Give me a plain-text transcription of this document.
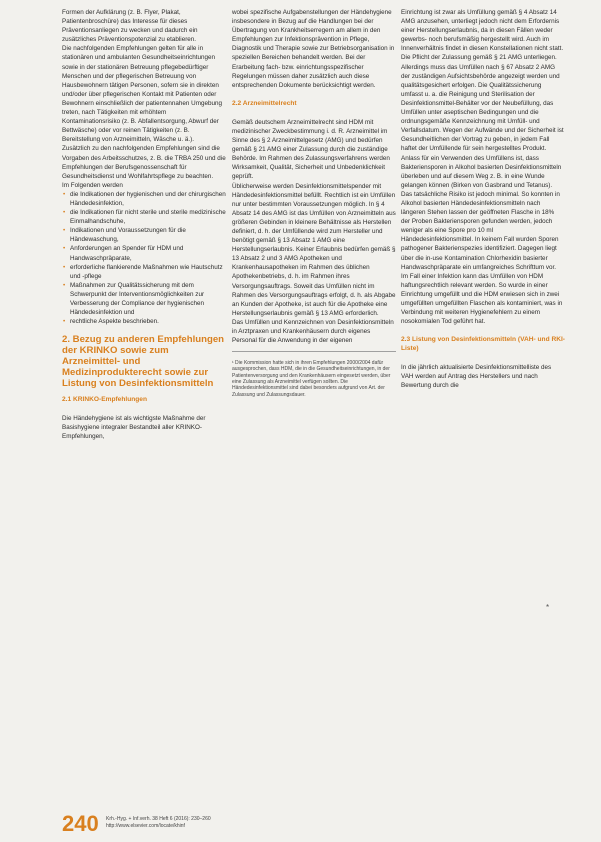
Formen der Aufklärung (z. B. Flyer, Plakat, Patientenbroschüre) das Interesse für dieses Präventionsanliegen zu wecken und dadurch ein zusätzliches Präventionspotenzial zu etablieren.

Die nachfolgenden Empfehlungen gelten für alle in stationären und ambulanten Gesundheitseinrichtungen sowie in der stationären Betreuung pflegebedürftiger Menschen und der pflegerischen Betreuung von Hausbewohnern tätigen Personen, sofern sie in direkten und/oder über pflegerischen Kontakt mit Patienten oder Bewohnern einschließlich der patientennahen Umgebung treten, nach Tätigkeiten mit erhöhtem Kontaminationsrisiko (z. B. Abfallentsorgung, Abwurf der Bettwäsche) oder vor reinen Tätigkeiten (z. B. Bereitstellung von Arzneimitteln, Wäsche u. ä.).

Zusätzlich zu den nachfolgenden Empfehlungen sind die Vorgaben des Arbeitsschutzes, z. B. die TRBA 250 und die Empfehlungen der Berufsgenossenschaft für Gesundheitsdienst und Wohlfahrtspflege zu beachten.

Im Folgenden werden

• die Indikationen der hygienischen und der chirurgischen Händedesinfektion,
• die Indikationen für nicht sterile und sterile medizinische Einmalhandschuhe,
• Indikationen und Voraussetzungen für die Händewaschung,
• Anforderungen an Spender für HDM und Handwaschpräparate,
• erforderliche flankierende Maßnahmen wie Hautschutz und -pflege
• Maßnahmen zur Qualitätssicherung mit dem Schwerpunkt der Interventionsmöglichkeiten zur Verbesserung der Compliance der hygienischen Händedesinfektion und
• rechtliche Aspekte beschrieben.
2. Bezug zu anderen Empfehlungen der KRINKO sowie zum Arzneimittel- und Medizinprodukterecht sowie zur Listung von Desinfektionsmitteln
2.1 KRINKO-Empfehlungen

Die Händehygiene ist als wichtigste Maßnahme der Basishygiene integraler Bestandteil aller KRINKO-Empfehlungen,

wobei spezifische Aufgabenstellungen der Händehygiene insbesondere in Bezug auf die Handlungen bei der Übertragung von Krankheitserregern am allem in den Empfehlungen zur Infektionsprävention in Pflege, Diagnostik und Therapie sowie zur Betriebsorganisation in speziellen Bereichen behandelt werden. Bei der Erarbeitung fach- bzw. einrichtungsspezifischer Regelungen müssen daher zusätzlich auch diese entsprechenden Dokumente berücksichtigt werden.

2.2 Arzneimittelrecht

Gemäß deutschem Arzneimittelrecht sind HDM mit medizinischer Zweckbestimmung i. d. R. Arzneimittel im Sinne des § 2 Arzneimittelgesetz (AMG) und bedürfen gemäß § 21 AMG einer Zulassung durch die zuständige Behörde. Im Rahmen des Zulassungsverfahrens werden Wirksamkeit, Qualität, Sicherheit und Unbedenklichkeit geprüft.

Üblicherweise werden Desinfektionsmittelspender mit Händedesinfektionsmittel befüllt. Rechtlich ist ein Umfüllen nur unter bestimmten Voraussetzungen möglich. In § 4 Absatz 14 des AMG ist das Umfüllen von Arzneimitteln aus größeren Gebinden in kleinere Behältnisse als Herstellen definiert, d. h. der Umfüllende wird zum Hersteller und benötigt gemäß § 13 Absatz 1 AMG eine Herstellungserlaubnis. Keiner Erlaubnis bedürfen gemäß § 13 Absatz 2 und 3 AMG Apotheken und Krankenhausapotheken im Rahmen des üblichen Apothekenbetriebs, d. h. im Rahmen ihres Versorgungsauftrags. Soweit das Umfüllen nicht im Rahmen des Versorgungsauftrags erfolgt, d. h. als Abgabe an Kunden der Apotheke, ist auch für die Apotheke eine Herstellungserlaubnis gemäß § 13 AMG erforderlich.

Das Umfüllen und Kennzeichnen von Desinfektionsmitteln in Arztpraxen und Krankenhäusern durch eigenes Personal für die Anwendung in der eigenen

¹ Die Kommission hatte sich in ihren Empfehlungen 2000/2004 dafür ausgesprochen, dass HDM, die in die Gesundheitseinrichtungen, in der Patientenversorgung und den Krankenhäusern eingesetzt werden, über eine Zulassung als Arzneimittel verfügen sollten. Die Händedesinfektionsmittel sind dabei besonders aufgrund von Art. der Zulassung und Zulassungsdauer.

Einrichtung ist zwar als Umfüllung gemäß § 4 Absatz 14 AMG anzusehen, unterliegt jedoch nicht dem Erfordernis einer Herstellungserlaubnis, da in diesen Fällen weder gewerbs- noch berufsmäßig hergestellt wird. Auch im Innenverhältnis findet in diesen Konstellationen nicht statt. Die Pflicht der Zulassung gemäß § 21 AMG unterliegen. Allerdings muss das Umfüllen nach § 67 Absatz 2 AMG der zuständigen Aufsichtsbehörde angezeigt werden und qualitätsgesichert erfolgen. Die Qualitätssicherung umfasst u. a. die Reinigung und Sterilisation der Desinfektionsmittel-Behälter vor der Neubefüllung, das Umfüllen unter aseptischen Bedingungen und die ordnungsgemäße Kennzeichnung mit Umfüll- und Verfallsdatum. Wegen der Aufwände und der Sicherheit ist Gesundheitlichen der Vortrag zu geben, in jedem Fall haftet der Umfüllende für sein hergestelltes Produkt. Anlass für ein Verwenden des Umfüllens ist, dass Bakteriensporen in Alkohol basierten Desinfektionsmitteln überleben und auf diesem Weg z. B. in eine Wunde gelangen können (Birken von Gasbrand und Tetanus). Das tatsächliche Risiko ist jedoch minimal. So konnten in Alkohol basierten Händedesinfektionsmitteln nach längeren Stehen lassen der geöffneten Flasche in 18% der Proben Bakteriensporen gefunden werden, jedoch weniger als eine Spore pro 10 ml Händedesinfektionsmittel. In keinem Fall wurden Sporen pathogener Bakterienspezies identifiziert. Dagegen liegt über die in-use Kontamination Chlorhexidin basierter Handwaschpräparate ein umfangreiches Schrifttum vor.

Im Fall einer Infektion kann das Umfüllen von HDM haftungsrechtlich relevant werden. So wurde in einer Einrichtung umgefüllt und die HDM erwiesen sich in zwei umgefüllten umgefüllten Flaschen als kontaminiert, was in Verbindung mit weiteren Hygienefehlern zu einem nosokomialen Tod geführt hat.

2.3 Listung von Desinfektionsmitteln (VAH- und RKI-Liste)

In die jährlich aktualisierte Desinfektionsmittelliste des VAH werden auf Antrag des Herstellers und nach Bewertung durch die

*
240 Krh.-Hyg. + Inf.verh. 38 Heft 6 (2016): 230–260
http://www.elsevier.com/locate/khinf
